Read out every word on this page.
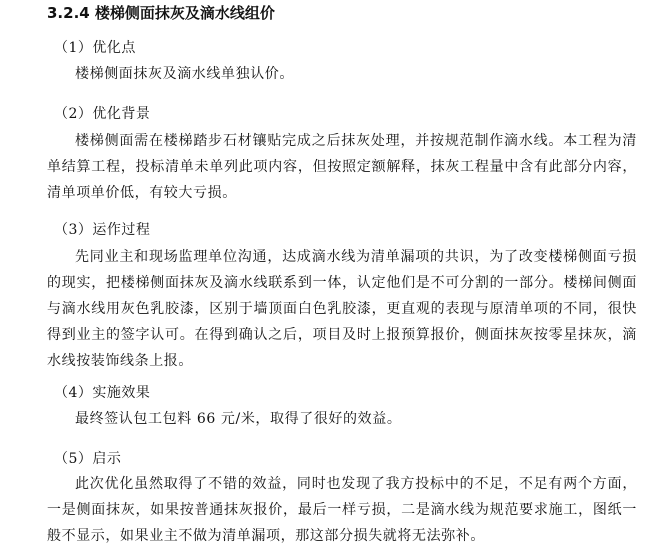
3.2.4 楼梯侧面抹灰及滴水线组价
（1）优化点

楼梯侧面抹灰及滴水线单独认价。

（2）优化背景

楼梯侧面需在楼梯踏步石材镶贴完成之后抹灰处理，并按规范制作滴水线。本工程为清单结算工程，投标清单未单列此项内容，但按照定额解释，抹灰工程量中含有此部分内容，清单项单价低，有较大亏损。

（3）运作过程

先同业主和现场监理单位沟通，达成滴水线为清单漏项的共识，为了改变楼梯侧面亏损的现实，把楼梯侧面抹灰及滴水线联系到一体，认定他们是不可分割的一部分。楼梯间侧面与滴水线用灰色乳胶漆，区别于墙顶面白色乳胶漆，更直观的表现与原清单项的不同，很快得到业主的签字认可。在得到确认之后，项目及时上报预算报价，侧面抹灰按零星抹灰，滴水线按装饰线条上报。

（4）实施效果

最终签认包工包料 66 元/米，取得了很好的效益。

（5）启示

此次优化虽然取得了不错的效益，同时也发现了我方投标中的不足，不足有两个方面，一是侧面抹灰，如果按普通抹灰报价，最后一样亏损，二是滴水线为规范要求施工，图纸一般不显示，如果业主不做为清单漏项，那这部分损失就将无法弥补。
